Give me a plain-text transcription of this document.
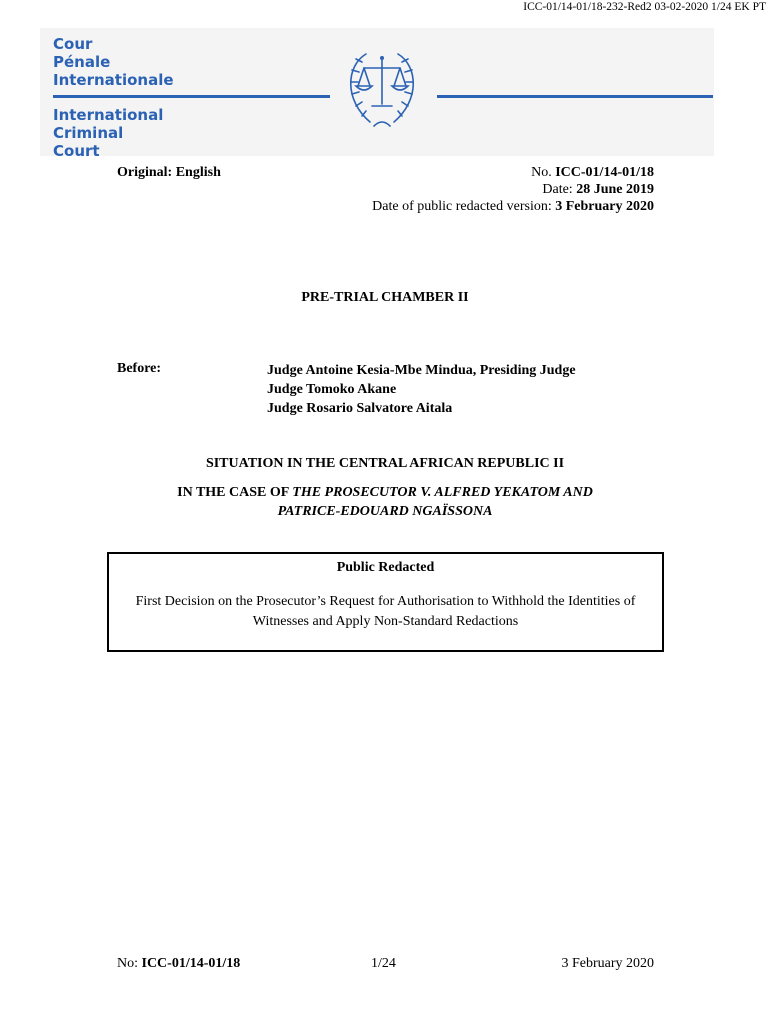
ICC-01/14-01/18-232-Red2 03-02-2020 1/24 EK PT
Cour
Pénale
Internationale
International
Criminal
Court
Original: English	No. ICC-01/14-01/18
Date: 28 June 2019
Date of public redacted version: 3 February 2020
PRE-TRIAL CHAMBER II
Before:	Judge Antoine Kesia-Mbe Mindua, Presiding Judge
Judge Tomoko Akane
Judge Rosario Salvatore Aitala
SITUATION IN THE CENTRAL AFRICAN REPUBLIC II
IN THE CASE OF THE PROSECUTOR V. ALFRED YEKATOM AND
PATRICE-EDOUARD NGAÏSSONA
Public Redacted
First Decision on the Prosecutor’s Request for Authorisation to Withhold the Identities of Witnesses and Apply Non-Standard Redactions
No: ICC-01/14-01/18	1/24	3 February 2020
